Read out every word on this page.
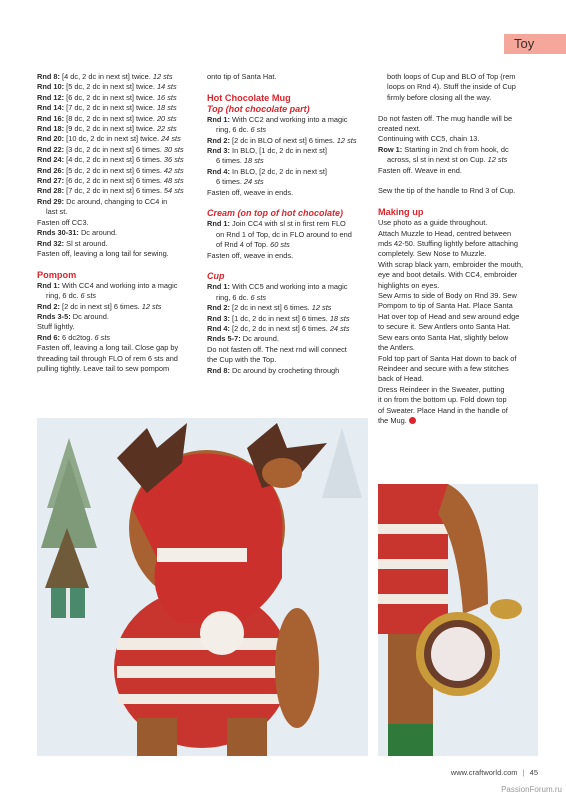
Toy

Rnd 8: [4 dc, 2 dc in next st] twice. 12 sts

Rnd 10: [5 dc, 2 dc in next st] twice. 14 sts

Rnd 12: [6 dc, 2 dc in next st] twice. 16 sts

Rnd 14: [7 dc, 2 dc in next st] twice. 18 sts

Rnd 16: [8 dc, 2 dc in next st] twice. 20 sts

Rnd 18: [9 dc, 2 dc in next st] twice. 22 sts

Rnd 20: [10 dc, 2 dc in next st] twice. 24 sts

Rnd 22: [3 dc, 2 dc in next st] 6 times. 30 sts

Rnd 24: [4 dc, 2 dc in next st] 6 times. 36 sts

Rnd 26: [5 dc, 2 dc in next st] 6 times. 42 sts

Rnd 27: [6 dc, 2 dc in next st] 6 times. 48 sts

Rnd 28: [7 dc, 2 dc in next st] 6 times. 54 sts

Rnd 29: Dc around, changing to CC4 in

last st.

Fasten off CC3.

Rnds 30-31: Dc around.

Rnd 32: Sl st around.

Fasten off, leaving a long tail for sewing.

Pompom

Rnd 1: With CC4 and working into a magic

ring, 6 dc. 6 sts

Rnd 2: [2 dc in next st] 6 times. 12 sts

Rnds 3-5: Dc around.

Stuff lightly.

Rnd 6: 6 dc2tog. 6 sts

Fasten off, leaving a long tail. Close gap by

threading tail through FLO of rem 6 sts and

pulling tightly. Leave tail to sew pompom

onto tip of Santa Hat.

Hot Chocolate Mug

Top (hot chocolate part)

Rnd 1: With CC2 and working into a magic

ring, 6 dc. 6 sts

Rnd 2: [2 dc in BLO of next st] 6 times. 12 sts

Rnd 3: In BLO, [1 dc, 2 dc in next st]

6 times. 18 sts

Rnd 4: In BLO, [2 dc, 2 dc in next st]

6 times. 24 sts

Fasten off, weave in ends.

Cream (on top of hot chocolate)

Rnd 1: Join CC4 with sl st in first rem FLO

on Rnd 1 of Top, dc in FLO around to end

of Rnd 4 of Top. 60 sts

Fasten off, weave in ends.

Cup

Rnd 1: With CC5 and working into a magic

ring, 6 dc. 6 sts

Rnd 2: [2 dc in next st] 6 times. 12 sts

Rnd 3: [1 dc, 2 dc in next st] 6 times. 18 sts

Rnd 4: [2 dc, 2 dc in next st] 6 times. 24 sts

Rnds 5-7: Dc around.

Do not fasten off. The next rnd will connect

the Cup with the Top.

Rnd 8: Dc around by crocheting through

both loops of Cup and BLO of Top (rem

loops on Rnd 4). Stuff the inside of Cup

firmly before closing all the way.

Do not fasten off. The mug handle will be

created next.

Continuing with CC5, chain 13.

Row 1: Starting in 2nd ch from hook, dc

across, sl st in next st on Cup. 12 sts

Fasten off. Weave in end.

Sew the tip of the handle to Rnd 3 of Cup.

Making up

Use photo as a guide throughout.

Attach Muzzle to Head, centred between

mds 42-50. Stuffing lightly before attaching

completely. Sew Nose to Muzzle.

With scrap black yarn, embroider the mouth,

eye and boot details. With CC4, embroider

highlights on eyes.

Sew Arms to side of Body on Rnd 39. Sew

Pompom to tip of Santa Hat. Place Santa

Hat over top of Head and sew around edge

to secure it. Sew Antlers onto Santa Hat.

Sew ears onto Santa Hat, slightly below

the Antlers.

Fold top part of Santa Hat down to back of

Reindeer and secure with a few stitches

back of Head.

Dress Reindeer in the Sweater, putting

it on from the bottom up. Fold down top

of Sweater. Place Hand in the handle of

the Mug.

www.craftworld.com | 45
PassionForum.ru
